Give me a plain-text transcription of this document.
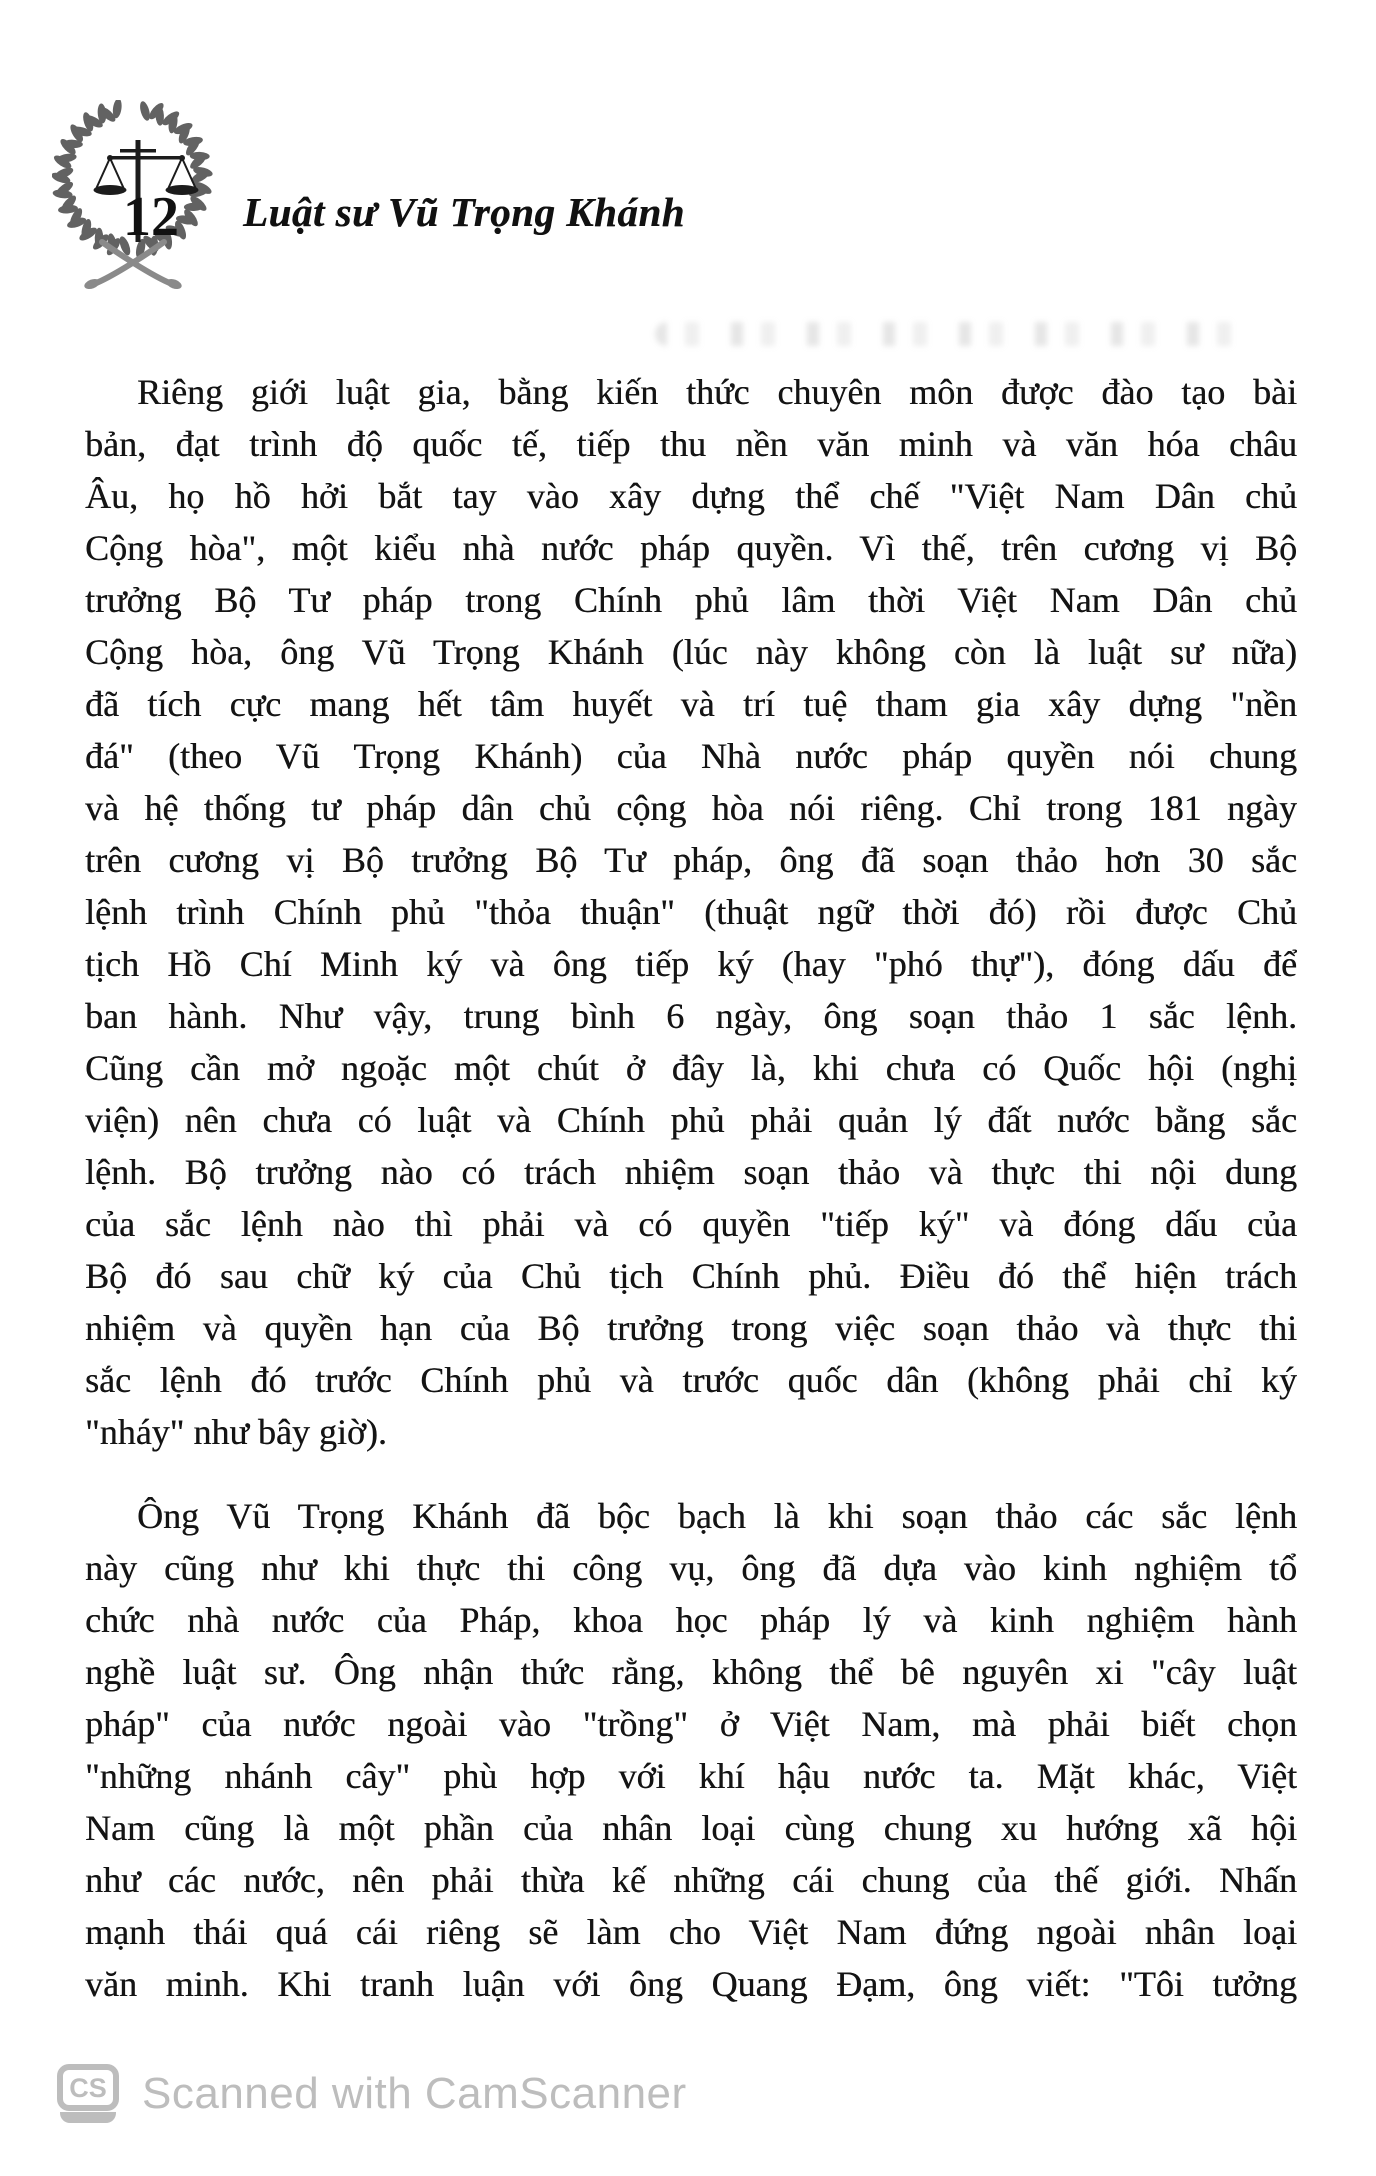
12 Luật sư Vũ Trọng Khánh
Riêng giới luật gia, bằng kiến thức chuyên môn được đào tạo bài
bản, đạt trình độ quốc tế, tiếp thu nền văn minh và văn hóa châu
Âu, họ hồ hởi bắt tay vào xây dựng thể chế "Việt Nam Dân chủ
Cộng hòa", một kiểu nhà nước pháp quyền. Vì thế, trên cương vị Bộ
trưởng Bộ Tư pháp trong Chính phủ lâm thời Việt Nam Dân chủ
Cộng hòa, ông Vũ Trọng Khánh (lúc này không còn là luật sư nữa)
đã tích cực mang hết tâm huyết và trí tuệ tham gia xây dựng "nền
đá" (theo Vũ Trọng Khánh) của Nhà nước pháp quyền nói chung
và hệ thống tư pháp dân chủ cộng hòa nói riêng. Chỉ trong 181 ngày
trên cương vị Bộ trưởng Bộ Tư pháp, ông đã soạn thảo hơn 30 sắc
lệnh trình Chính phủ "thỏa thuận" (thuật ngữ thời đó) rồi được Chủ
tịch Hồ Chí Minh ký và ông tiếp ký (hay "phó thự"), đóng dấu để
ban hành. Như vậy, trung bình 6 ngày, ông soạn thảo 1 sắc lệnh.
Cũng cần mở ngoặc một chút ở đây là, khi chưa có Quốc hội (nghị
viện) nên chưa có luật và Chính phủ phải quản lý đất nước bằng sắc
lệnh. Bộ trưởng nào có trách nhiệm soạn thảo và thực thi nội dung
của sắc lệnh nào thì phải và có quyền "tiếp ký" và đóng dấu của
Bộ đó sau chữ ký của Chủ tịch Chính phủ. Điều đó thể hiện trách
nhiệm và quyền hạn của Bộ trưởng trong việc soạn thảo và thực thi
sắc lệnh đó trước Chính phủ và trước quốc dân (không phải chỉ ký
"nháy" như bây giờ).
Ông Vũ Trọng Khánh đã bộc bạch là khi soạn thảo các sắc lệnh
này cũng như khi thực thi công vụ, ông đã dựa vào kinh nghiệm tổ
chức nhà nước của Pháp, khoa học pháp lý và kinh nghiệm hành
nghề luật sư. Ông nhận thức rằng, không thể bê nguyên xi "cây luật
pháp" của nước ngoài vào "trồng" ở Việt Nam, mà phải biết chọn
"những nhánh cây" phù hợp với khí hậu nước ta. Mặt khác, Việt
Nam cũng là một phần của nhân loại cùng chung xu hướng xã hội
như các nước, nên phải thừa kế những cái chung của thế giới. Nhấn
mạnh thái quá cái riêng sẽ làm cho Việt Nam đứng ngoài nhân loại
văn minh. Khi tranh luận với ông Quang Đạm, ông viết: "Tôi tưởng
CS Scanned with CamScanner
